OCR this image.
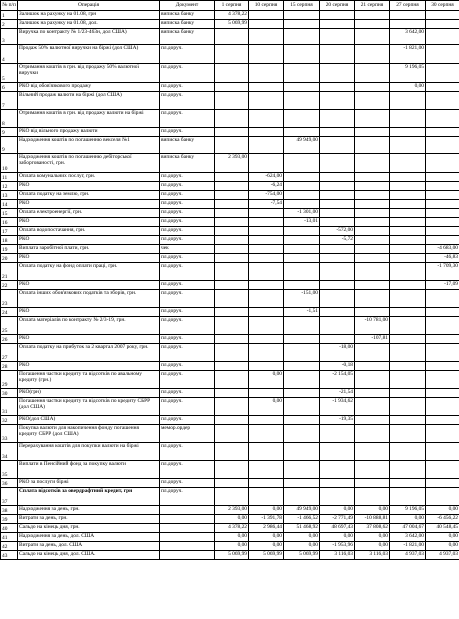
№ п/п	Операція	Документ	1 серпня	10 серпня	15 серпня	20 серпня	21 серпня	27 серпня	30 серпня
1	Залишок на рахунку на 01.08, грн	виписка банку	4 378,22						
2	Залишок на рахунку на 01.08, дол.	виписка банку	5 069,99						
3	Виручка по контракту № 1/23-463н, дол США)	виписка банку						3 642,00	
4	Продаж 50% валютної виручки на біржі (дол США)	пл.доруч.						-1 821,00	
5	Отримання коштів в грн. від продажу 50% валютної виручки	пл.доруч.						9 196,05	
6	РКО від обов'язкового продажу	пл.доруч.						0,00	
7	Вільний продаж валюти на біржі (дол США)	пл.доруч.							
8	Отримання коштів в грн. від продажу валюти на біржі	пл.доруч.							
9	РКО від вільного продажу валюти	пл.доруч.							
9	Надходження коштів по погашенню векселя №1	виписка банку			49 949,00				
10	Надходження коштів по погашенню дебіторської заборгованості, грн.	виписка банку	2 393,00						
11	Оплата комунальних послуг, грн.	пл.доруч.		-624,00					
12	РКО	пл.доруч.		-6,24					
13	Оплата податку на землю, грн.	пл.доруч.		-754,00					
14	РКО	пл.доруч.		-7,54					
15	Оплата електроенергії, грн.	пл.доруч.			-1 301,00				
16	РКО	пл.доруч.			-13,01				
17	Оплата водопостачання, грн.	пл.доруч.				-572,00			
18	РКО	пл.доруч.				-5,72			
19	Виплата заробітної плати, грн.	чек							-4 683,00
20	РКО	пл.доруч.							-46,83
21	Оплата податку на фонд оплати праці, грн.	пл.доруч.							-1 709,30
22	РКО	пл.доруч.							-17,09
23	Оплата інших обов'язкових податків та зборів, грн.	пл.доруч.			-151,00				
24	РКО	пл.доруч.			-1,51				
25	Оплата матеріалів по контракту № 2/3-19, грн.	пл.доруч.					-10 781,00		
26	РКО	пл.доруч.					-107,81		
27	Оплата податку на прибуток за 2 квартал 2007 року, грн.	пл.доруч.				-18,00			
28	РКО	пл.доруч.				-0,18			
29	Погашення частки кредиту та відсотків по авальному кредиту (грн.)	пл.доруч.		0,00		-2 154,05			
30	РКО(грн)	пл.доруч.				-21,54			
31	Погашення частки кредиту та відсотків по кредиту СБРР (дол США)	пл.доруч.		0,00		-1 934,62			
32	РКО(дол США)	пл.доруч.				-19,35			
33	Покупка валюти для накопичення фонду погашення кредиту СБРР (дол США)	мемор.ордер							
34	Перерахування коштів для покупки валюти на біржі	пл.доруч.							
35	Виплати в Пенсійний фонд за покупку валюти	пл.доруч.							
36	РКО за послуги біржі	пл.доруч.							
37	Сплата відсотків за овердрафтний кредит, грн	пл.доруч.							
38	Надходження за день, грн.		2 393,00	0,00	49 949,00	0,00	0,00	9 196,05	0,00
39	Витрати за день, грн.		0,00	-1 391,78	-1 466,52	-2 771,49	-10 888,81	0,00	-6 456,22
40	Сальдо на кінець дня, грн.		4 378,22	2 986,44	51 468,92	48 697,43	37 808,62	47 004,67	40 548,45
41	Надходження за день, дол. США		0,00	0,00	0,00	0,00	0,00	3 642,00	0,00
42	Витрати за день, дол. США		0,00	0,00	0,00	-1 953,96	0,00	-1 821,00	0,00
43	Сальдо на кінець дня, дол. США.		5 069,99	5 069,99	5 069,99	3 116,03	3 116,03	4 937,03	4 937,03
